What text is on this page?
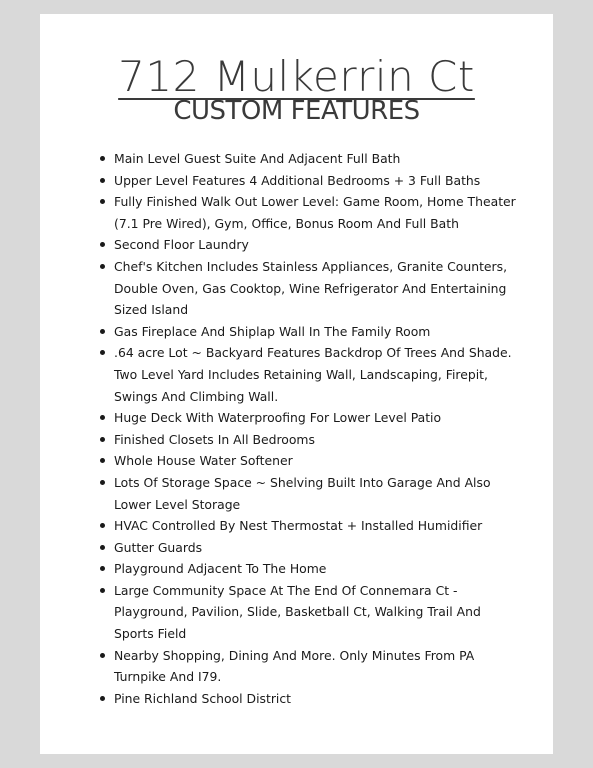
712 Mulkerrin Ct
CUSTOM FEATURES
Main Level Guest Suite And Adjacent Full Bath
Upper Level Features 4 Additional Bedrooms + 3 Full Baths
Fully Finished Walk Out Lower Level: Game Room, Home Theater (7.1 Pre Wired), Gym, Office, Bonus Room And Full Bath
Second Floor Laundry
Chef's Kitchen Includes Stainless Appliances, Granite Counters, Double Oven, Gas Cooktop, Wine Refrigerator And Entertaining Sized Island
Gas Fireplace And Shiplap Wall In The Family Room
.64 acre Lot ~ Backyard Features Backdrop Of Trees And Shade. Two Level Yard Includes Retaining Wall, Landscaping, Firepit, Swings And Climbing Wall.
Huge Deck With Waterproofing For Lower Level Patio
Finished Closets In All Bedrooms
Whole House Water Softener
Lots Of Storage Space ~ Shelving Built Into Garage And Also Lower Level Storage
HVAC Controlled By Nest Thermostat + Installed Humidifier
Gutter Guards
Playground Adjacent To The Home
Large Community Space At The End Of Connemara Ct - Playground, Pavilion, Slide, Basketball Ct, Walking Trail And Sports Field
Nearby Shopping, Dining And More. Only Minutes From PA Turnpike And I79.
Pine Richland School District
